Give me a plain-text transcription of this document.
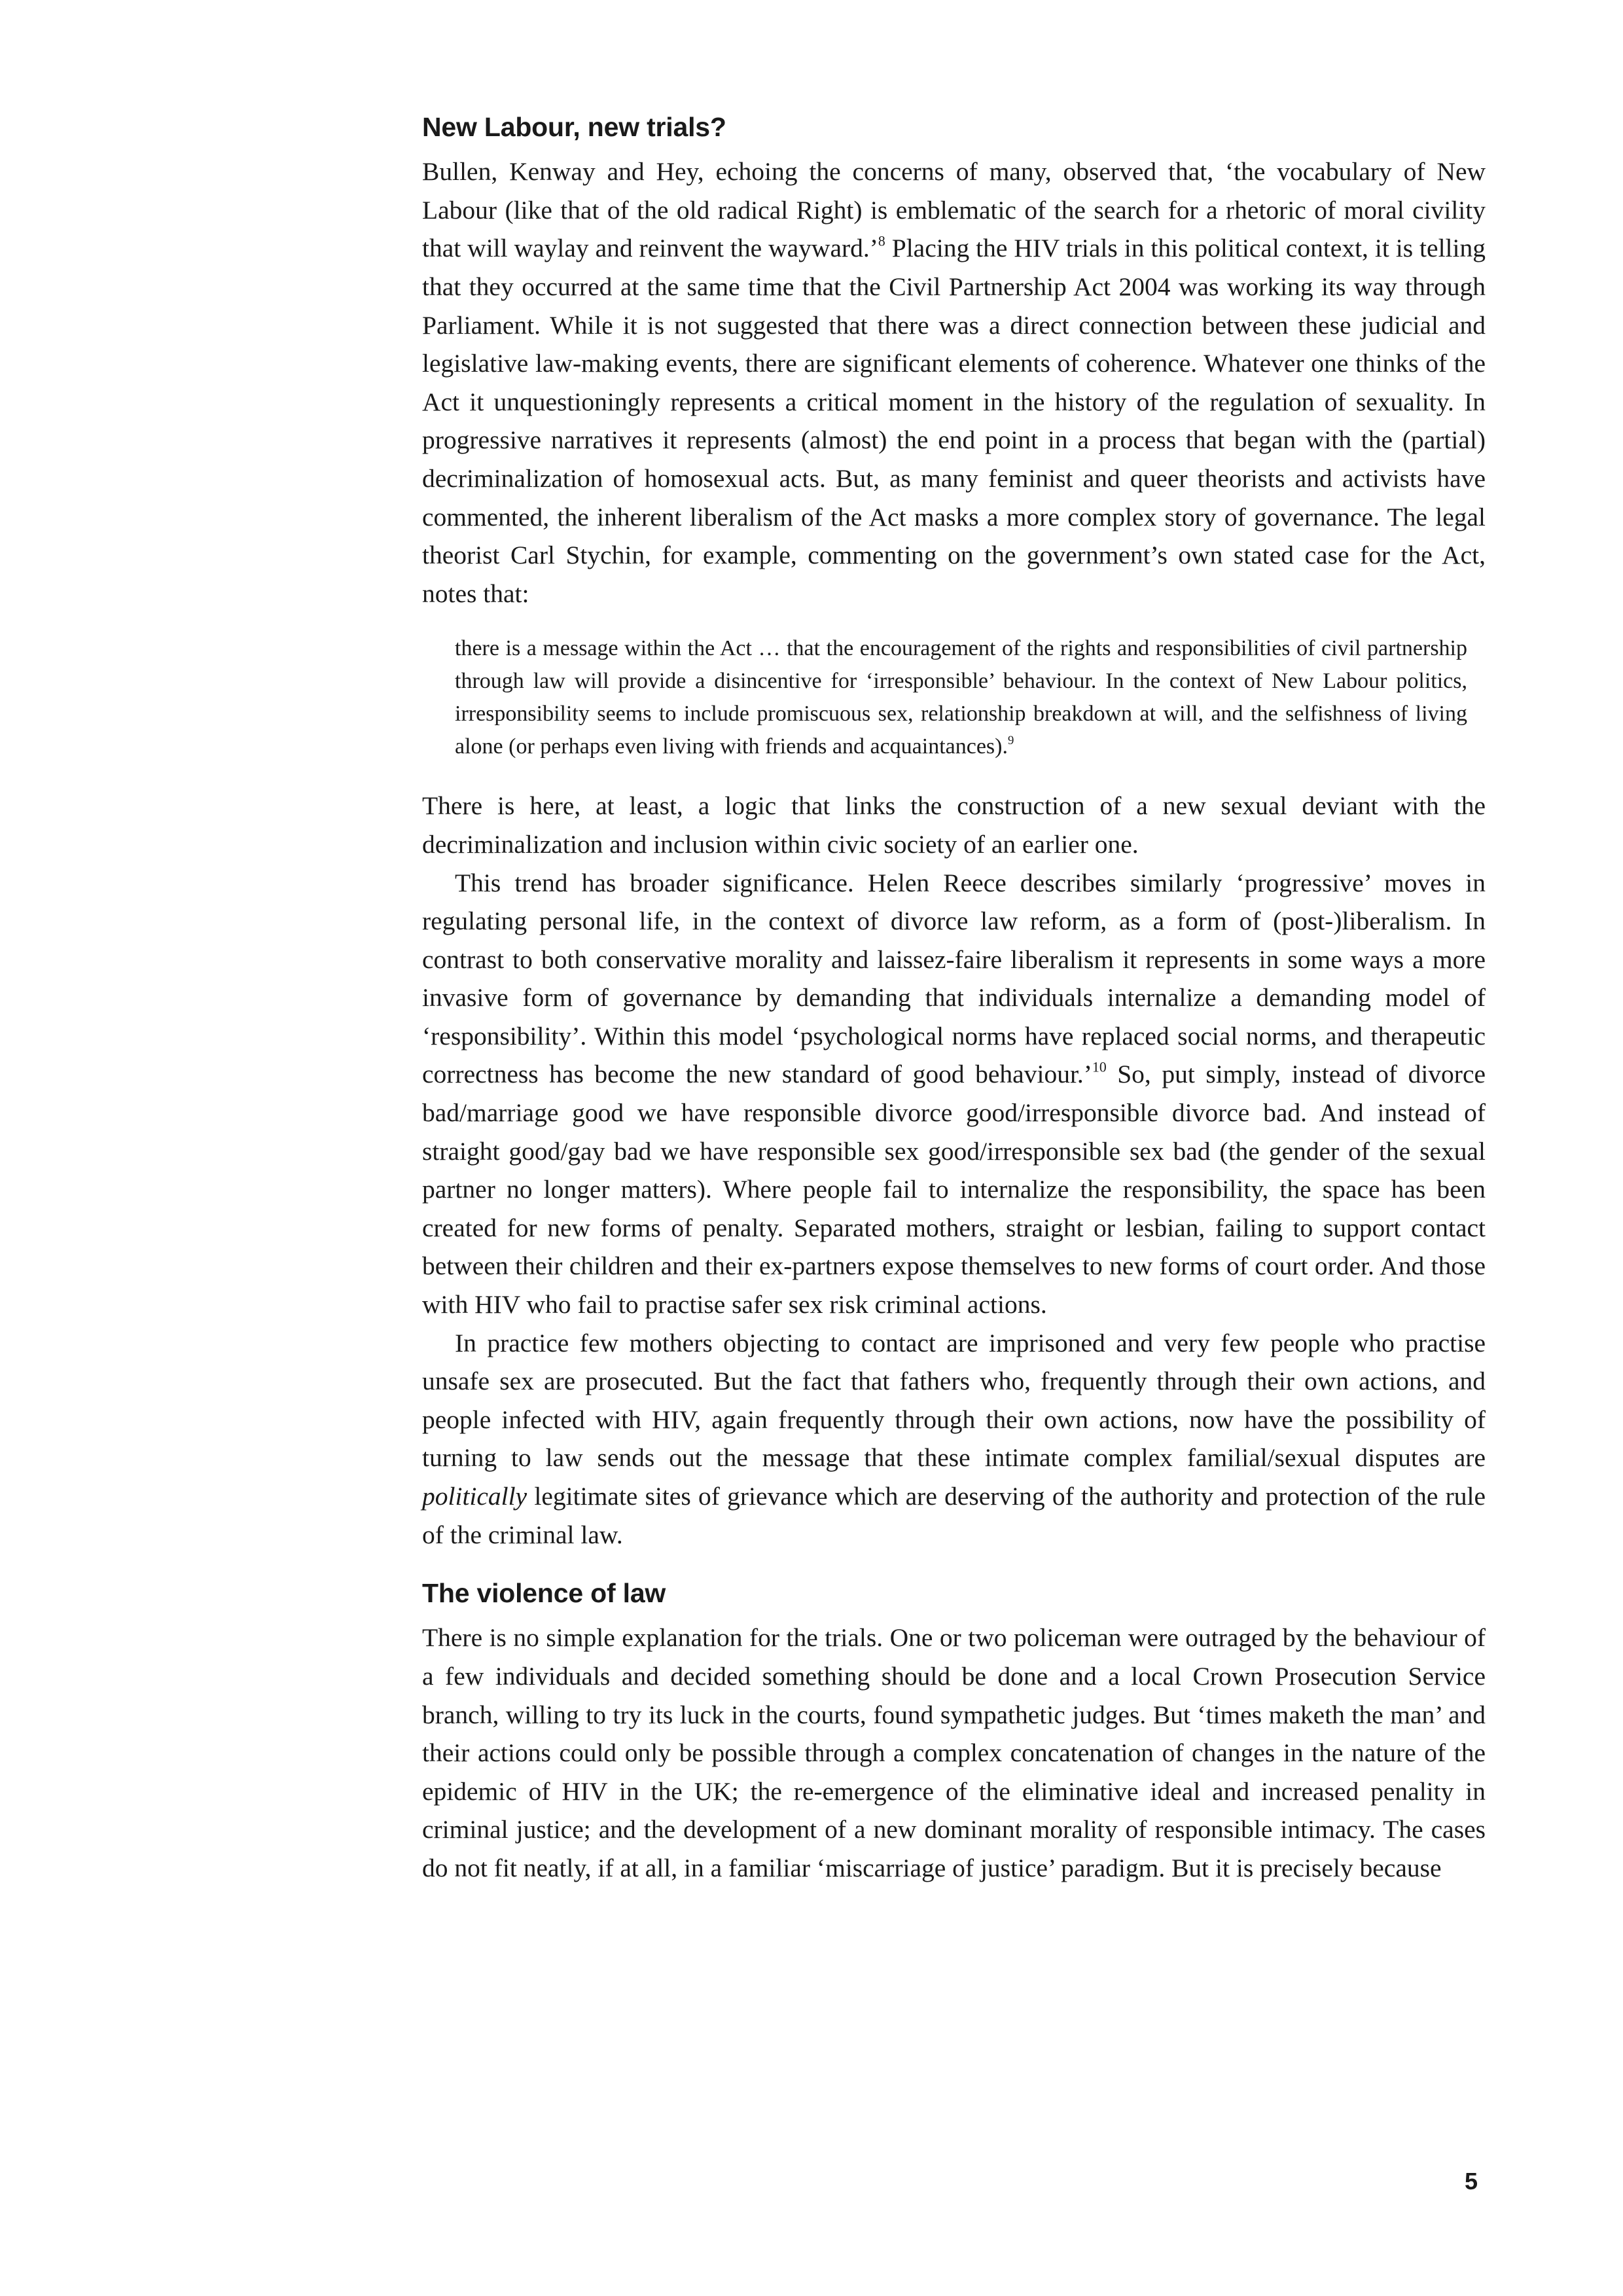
New Labour, new trials?

Bullen, Kenway and Hey, echoing the concerns of many, observed that, ‘the vocabulary of New Labour (like that of the old radical Right) is emblematic of the search for a rhetoric of moral civility that will waylay and reinvent the wayward.’$^8$ Placing the HIV trials in this political context, it is telling that they occurred at the same time that the Civil Partnership Act 2004 was working its way through Parliament. While it is not suggested that there was a direct connection between these judicial and legislative law-making events, there are significant elements of coherence. Whatever one thinks of the Act it unquestioningly represents a critical moment in the history of the regulation of sexuality. In progressive narratives it represents (almost) the end point in a process that began with the (partial) decriminalization of homosexual acts. But, as many feminist and queer theorists and activists have commented, the inherent liberalism of the Act masks a more complex story of governance. The legal theorist Carl Stychin, for example, commenting on the government’s own stated case for the Act, notes that:

there is a message within the Act … that the encouragement of the rights and responsibilities of civil partnership through law will provide a disincentive for ‘irresponsible’ behaviour. In the context of New Labour politics, irresponsibility seems to include promiscuous sex, relationship breakdown at will, and the selfishness of living alone (or perhaps even living with friends and acquaintances).$^9$

There is here, at least, a logic that links the construction of a new sexual deviant with the decriminalization and inclusion within civic society of an earlier one.

This trend has broader significance. Helen Reece describes similarly ‘progressive’ moves in regulating personal life, in the context of divorce law reform, as a form of (post-)liberalism. In contrast to both conservative morality and laissez-faire liberalism it represents in some ways a more invasive form of governance by demanding that individuals internalize a demanding model of ‘responsibility’. Within this model ‘psychological norms have replaced social norms, and therapeutic correctness has become the new standard of good behaviour.’$^{10}$ So, put simply, instead of divorce bad/marriage good we have responsible divorce good/irresponsible divorce bad. And instead of straight good/gay bad we have responsible sex good/irresponsible sex bad (the gender of the sexual partner no longer matters). Where people fail to internalize the responsibility, the space has been created for new forms of penalty. Separated mothers, straight or lesbian, failing to support contact between their children and their ex-partners expose themselves to new forms of court order. And those with HIV who fail to practise safer sex risk criminal actions.

In practice few mothers objecting to contact are imprisoned and very few people who practise unsafe sex are prosecuted. But the fact that fathers who, frequently through their own actions, and people infected with HIV, again frequently through their own actions, now have the possibility of turning to law sends out the message that these intimate complex familial/sexual disputes are politically legitimate sites of grievance which are deserving of the authority and protection of the rule of the criminal law.

The violence of law

There is no simple explanation for the trials. One or two policeman were outraged by the behaviour of a few individuals and decided something should be done and a local Crown Prosecution Service branch, willing to try its luck in the courts, found sympathetic judges. But ‘times maketh the man’ and their actions could only be possible through a complex concatenation of changes in the nature of the epidemic of HIV in the UK; the re-emergence of the eliminative ideal and increased penality in criminal justice; and the development of a new dominant morality of responsible intimacy. The cases do not fit neatly, if at all, in a familiar ‘miscarriage of justice’ paradigm. But it is precisely because

5
